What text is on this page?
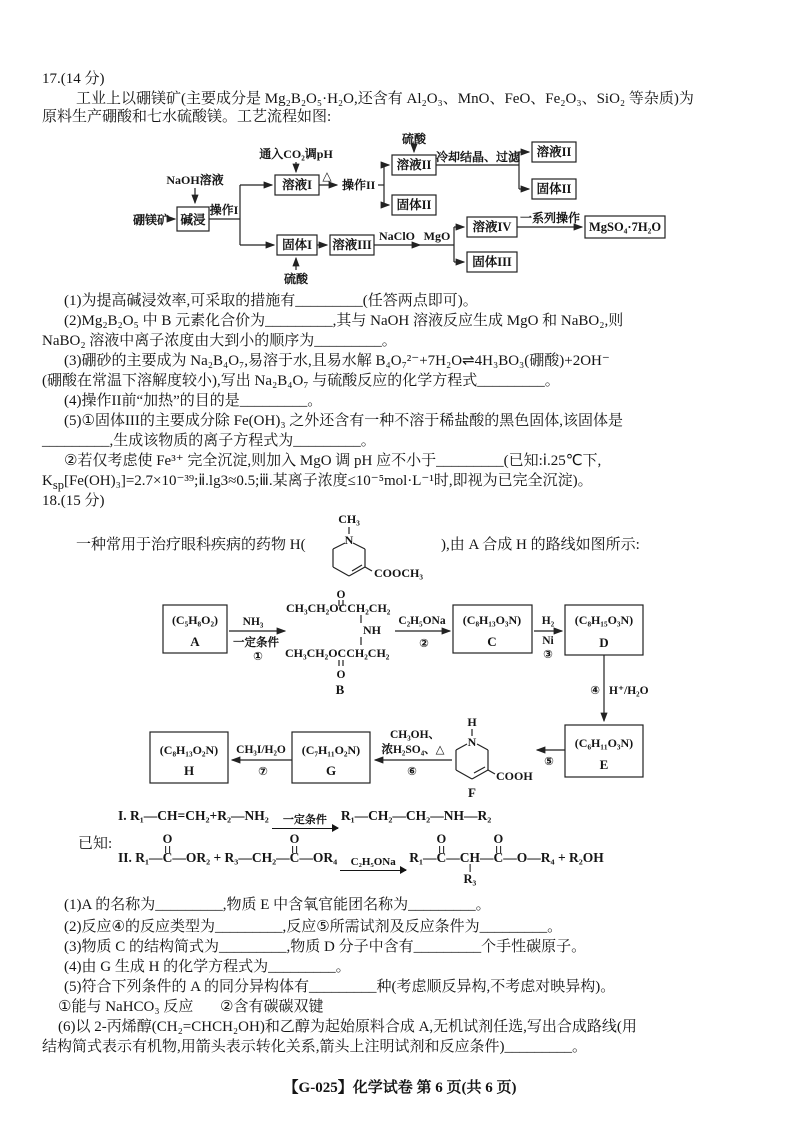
17.(14 分)
工业上以硼镁矿(主要成分是 Mg₂B₂O₅·H₂O,还含有 Al₂O₃、MnO、FeO、Fe₂O₃、SiO₂ 等杂质)为
原料生产硼酸和七水硫酸镁。工艺流程如图:
硼镁矿 碱浸
操作I
NaOH溶液
通入CO₂调pH
溶液I
△
操作II
硫酸
溶液II
固体II
冷却结晶、过滤 溶液II
固体II
固体I
硫酸
溶液III
NaClO MgO
溶液IV
固体III
一系列操作
MgSO₄·7H₂O
(1)为提高碱浸效率,可采取的措施有_________(任答两点即可)。
(2)Mg₂B₂O₅ 中 B 元素化合价为_________,其与 NaOH 溶液反应生成 MgO 和 NaBO₂,则
NaBO₂ 溶液中离子浓度由大到小的顺序为_________。
(3)硼砂的主要成为 Na₂B₄O₇,易溶于水,且易水解 B₄O₇²⁻+7H₂O⇌4H₃BO₃(硼酸)+2OH⁻
(硼酸在常温下溶解度较小),写出 Na₂B₄O₇ 与硫酸反应的化学方程式_________。
(4)操作II前“加热”的目的是_________。
(5)①固体III的主要成分除 Fe(OH)₃ 之外还含有一种不溶于稀盐酸的黑色固体,该固体是
_________,生成该物质的离子方程式为_________。
②若仅考虑使 Fe³⁺ 完全沉淀,则加入 MgO 调 pH 应不小于_________(已知:ⅰ.25℃下,
$K_{sp}[Fe(OH)_3]=2.7\times 10^{-39};ⅱ.\lg 3\approx 0.5;ⅲ$.某离子浓度≤10⁻⁵mol·L⁻¹时,即视为已完全沉淀)。
18.(15 分)
一种常用于治疗眼科疾病的药物 H(	),由 A 合成 H 的路线如图所示:
CH₃
N
COOCH₃
(C₅H₈O₂)
A
NH₃
一定条件
①
O
CH₃CH₂OCCH₂CH₂
NH
CH₃CH₂OCCH₂CH₂
O
B
C₂H₅ONa
②
(C₈H₁₃O₃N)
C
H₂
Ni
③
(C₈H₁₅O₃N)
D
④ H⁺/H₂O
(C₆H₁₁O₃N)
E
⑤
H
N
COOH
F
CH₃OH、
浓H₂SO₄、△
⑥
(C₇H₁₁O₂N)
G
CH₃I/H₂O
⑦
(C₈H₁₃O₂N)
H
已知:
I. R₁—CH=CH₂+R₂—NH₂ 一定条件 R₁—CH₂—CH₂—NH—R₂
II. R₁—
O
C—OR₂ + R₃—CH₂—
O
C—OR₄ C₂H₅ONa R₁—
O
C—CH
R₃
—
O
C—O—R₄ + R₂OH
(1)A 的名称为_________,物质 E 中含氧官能团名称为_________。
(2)反应④的反应类型为_________,反应⑤所需试剂及反应条件为_________。
(3)物质 C 的结构简式为_________,物质 D 分子中含有_________个手性碳原子。
(4)由 G 生成 H 的化学方程式为_________。
(5)符合下列条件的 A 的同分异构体有_________种(考虑顺反异构,不考虑对映异构)。
①能与 NaHCO₃ 反应 ②含有碳碳双键
(6)以 2-丙烯醇(CH₂=CHCH₂OH)和乙醇为起始原料合成 A,无机试剂任选,写出合成路线(用
结构简式表示有机物,用箭头表示转化关系,箭头上注明试剂和反应条件)_________。
【G-025】化学试卷 第 6 页(共 6 页)
